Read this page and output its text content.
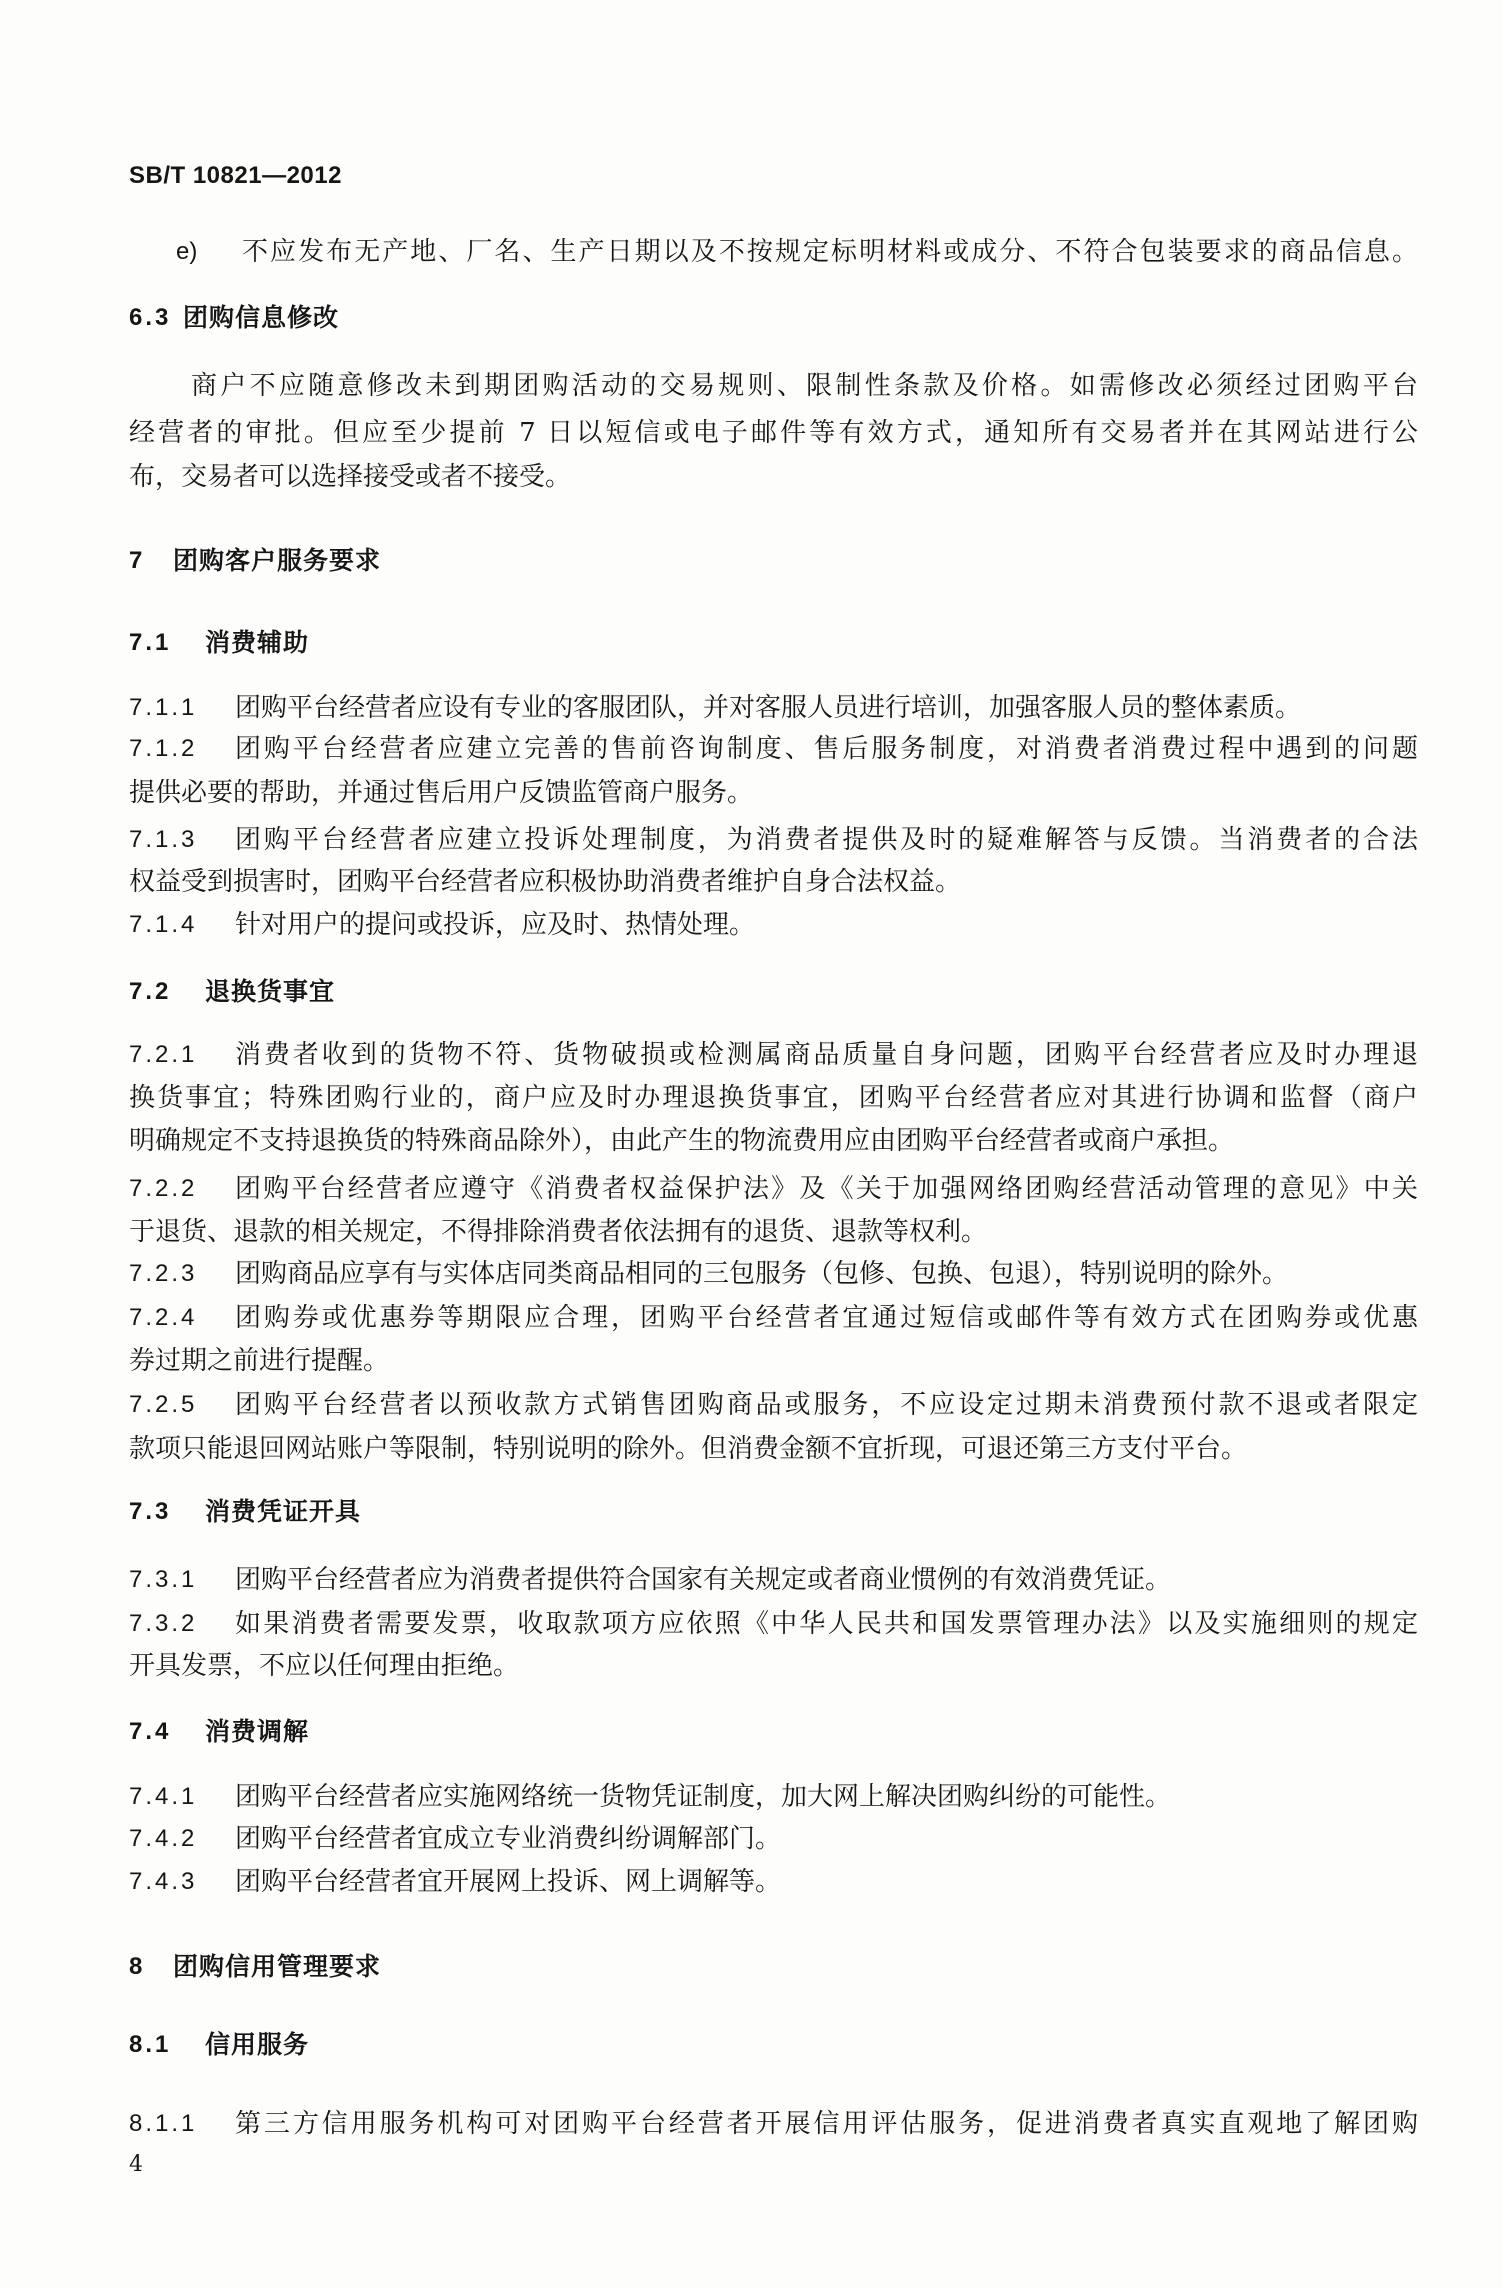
SB/T 10821—2012
e) 不应发布无产地、厂名、生产日期以及不按规定标明材料或成分、不符合包装要求的商品信息。
6.3 团购信息修改
商户不应随意修改未到期团购活动的交易规则、限制性条款及价格。如需修改必须经过团购平台
经营者的审批。但应至少提前 7 日以短信或电子邮件等有效方式，通知所有交易者并在其网站进行公
布，交易者可以选择接受或者不接受。
7 团购客户服务要求
7.1 消费辅助
7.1.1 团购平台经营者应设有专业的客服团队，并对客服人员进行培训，加强客服人员的整体素质。
7.1.2 团购平台经营者应建立完善的售前咨询制度、售后服务制度，对消费者消费过程中遇到的问题
提供必要的帮助，并通过售后用户反馈监管商户服务。
7.1.3 团购平台经营者应建立投诉处理制度，为消费者提供及时的疑难解答与反馈。当消费者的合法
权益受到损害时，团购平台经营者应积极协助消费者维护自身合法权益。
7.1.4 针对用户的提问或投诉，应及时、热情处理。
7.2 退换货事宜
7.2.1 消费者收到的货物不符、货物破损或检测属商品质量自身问题，团购平台经营者应及时办理退
换货事宜；特殊团购行业的，商户应及时办理退换货事宜，团购平台经营者应对其进行协调和监督（商户
明确规定不支持退换货的特殊商品除外），由此产生的物流费用应由团购平台经营者或商户承担。
7.2.2 团购平台经营者应遵守《消费者权益保护法》及《关于加强网络团购经营活动管理的意见》中关
于退货、退款的相关规定，不得排除消费者依法拥有的退货、退款等权利。
7.2.3 团购商品应享有与实体店同类商品相同的三包服务（包修、包换、包退），特别说明的除外。
7.2.4 团购券或优惠券等期限应合理，团购平台经营者宜通过短信或邮件等有效方式在团购券或优惠
券过期之前进行提醒。
7.2.5 团购平台经营者以预收款方式销售团购商品或服务，不应设定过期未消费预付款不退或者限定
款项只能退回网站账户等限制，特别说明的除外。但消费金额不宜折现，可退还第三方支付平台。
7.3 消费凭证开具
7.3.1 团购平台经营者应为消费者提供符合国家有关规定或者商业惯例的有效消费凭证。
7.3.2 如果消费者需要发票，收取款项方应依照《中华人民共和国发票管理办法》以及实施细则的规定
开具发票，不应以任何理由拒绝。
7.4 消费调解
7.4.1 团购平台经营者应实施网络统一货物凭证制度，加大网上解决团购纠纷的可能性。
7.4.2 团购平台经营者宜成立专业消费纠纷调解部门。
7.4.3 团购平台经营者宜开展网上投诉、网上调解等。
8 团购信用管理要求
8.1 信用服务
8.1.1 第三方信用服务机构可对团购平台经营者开展信用评估服务，促进消费者真实直观地了解团购
4
